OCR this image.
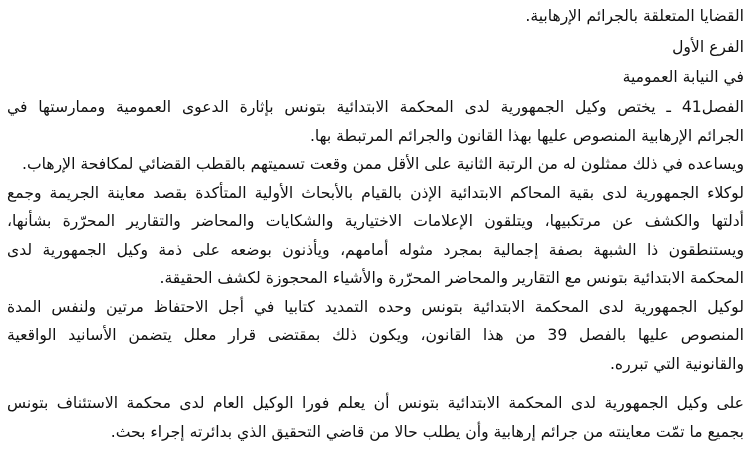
القضايا المتعلقة بالجرائم الإرهابية.
الفرع الأول
في النيابة العمومية
الفصل41 ـ يختص وكيل الجمهورية لدى المحكمة الابتدائية بتونس بإثارة الدعوى العمومية وممارستها في
الجرائم الإرهابية المنصوص عليها بهذا القانون والجرائم المرتبطة بها.
ويساعده في ذلك ممثلون له من الرتبة الثانية على الأقل ممن وقعت تسميتهم بالقطب القضائي لمكافحة الإرهاب.
لوكلاء الجمهورية لدى بقية المحاكم الابتدائية الإذن بالقيام بالأبحاث الأولية المتأكدة بقصد معاينة الجريمة وجمع
أدلتها والكشف عن مرتكبيها، ويتلقون الإعلامات الاختيارية والشكايات والمحاضر والتقارير المحرّرة بشأنها،
ويستنطقون ذا الشبهة بصفة إجمالية بمجرد مثوله أمامهم، ويأذنون بوضعه على ذمة وكيل الجمهورية لدى
المحكمة الابتدائية بتونس مع التقارير والمحاضر المحرّرة والأشياء المحجوزة لكشف الحقيقة.
لوكيل الجمهورية لدى المحكمة الابتدائية بتونس وحده التمديد كتابيا في أجل الاحتفاظ مرتين ولنفس المدة
المنصوص عليها بالفصل 39 من هذا القانون، ويكون ذلك بمقتضى قرار معلل يتضمن الأسانيد الواقعية
والقانونية التي تبرره.
على وكيل الجمهورية لدى المحكمة الابتدائية بتونس أن يعلم فورا الوكيل العام لدى محكمة الاستئناف بتونس
بجميع ما تمّت معاينته من جرائم إرهابية وأن يطلب حالا من قاضي التحقيق الذي بدائرته إجراء بحث.
